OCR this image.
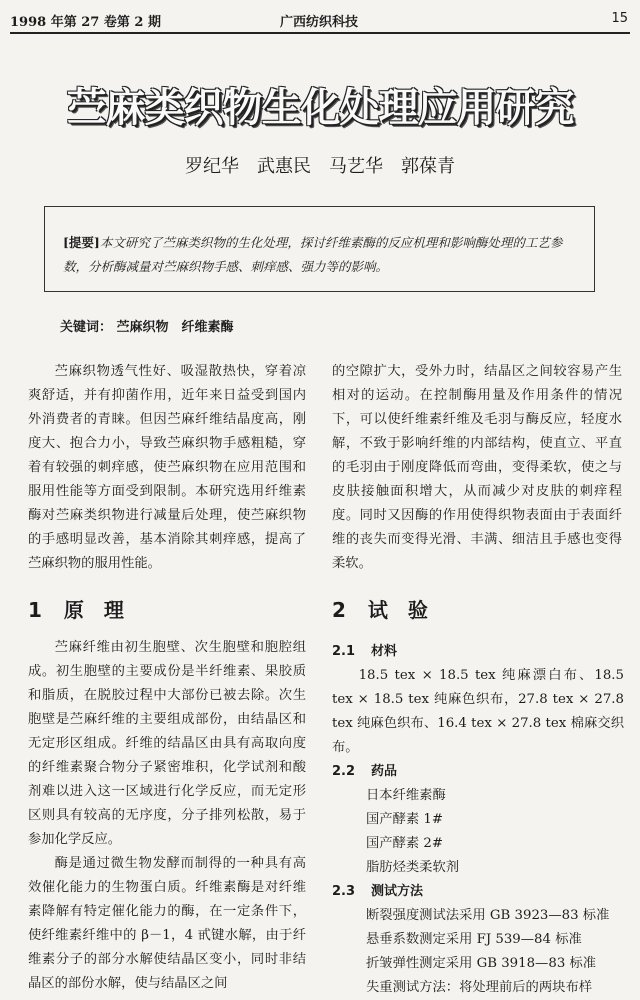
1998 年第 27 卷第 2 期	广西纺织科技	15
苎麻类织物生化处理应用研究
罗纪华　武惠民　马艺华　郭葆青
[提要]本文研究了苎麻类织物的生化处理，探讨纤维素酶的反应机理和影响酶处理的工艺参数，分析酶减量对苎麻织物手感、刺痒感、强力等的影响。
关键词： 苎麻织物　纤维素酶

苎麻织物透气性好、吸湿散热快，穿着凉爽舒适，并有抑菌作用，近年来日益受到国内外消费者的青睐。但因苎麻纤维结晶度高，刚度大、抱合力小，导致苎麻织物手感粗糙，穿着有较强的刺痒感，使苎麻织物在应用范围和服用性能等方面受到限制。本研究选用纤维素酶对苎麻类织物进行减量后处理，使苎麻织物的手感明显改善，基本消除其刺痒感，提高了苎麻织物的服用性能。

的空隙扩大，受外力时，结晶区之间较容易产生相对的运动。在控制酶用量及作用条件的情况下，可以使纤维素纤维及毛羽与酶反应，轻度水解，不致于影响纤维的内部结构，使直立、平直的毛羽由于刚度降低而弯曲，变得柔软，使之与皮肤接触面积增大，从而减少对皮肤的刺痒程度。同时又因酶的作用使得织物表面由于表面纤维的丧失而变得光滑、丰满、细洁且手感也变得柔软。

1 原　理	2 试　验

苎麻纤维由初生胞壁、次生胞壁和胞腔组成。初生胞壁的主要成份是半纤维素、果胶质和脂质，在脱胶过程中大部份已被去除。次生胞壁是苎麻纤维的主要组成部份，由结晶区和无定形区组成。纤维的结晶区由具有高取向度的纤维素聚合物分子紧密堆积，化学试剂和酸剂难以进入这一区域进行化学反应，而无定形区则具有较高的无序度，分子排列松散，易于参加化学反应。

酶是通过微生物发酵而制得的一种具有高效催化能力的生物蛋白质。纤维素酶是对纤维素降解有特定催化能力的酶，在一定条件下，使纤维素纤维中的 β－1，4 甙键水解，由于纤维素分子的部分水解使结晶区变小，同时非结晶区的部份水解，使与结晶区之间

2.1 材料

18.5 tex × 18.5 tex 纯麻漂白布、18.5 tex × 18.5 tex 纯麻色织布，27.8 tex × 27.8 tex 纯麻色织布、16.4 tex × 27.8 tex 棉麻交织布。

2.2 药品

日本纤维素酶
国产酵素 1#
国产酵素 2#
脂肪烃类柔软剂

2.3 测试方法

断裂强度测试法采用 GB 3923—83 标准
悬垂系数测定采用 FJ 539—84 标准
折皱弹性测定采用 GB 3918—83 标准
失重测试方法：将处理前后的两块布样
